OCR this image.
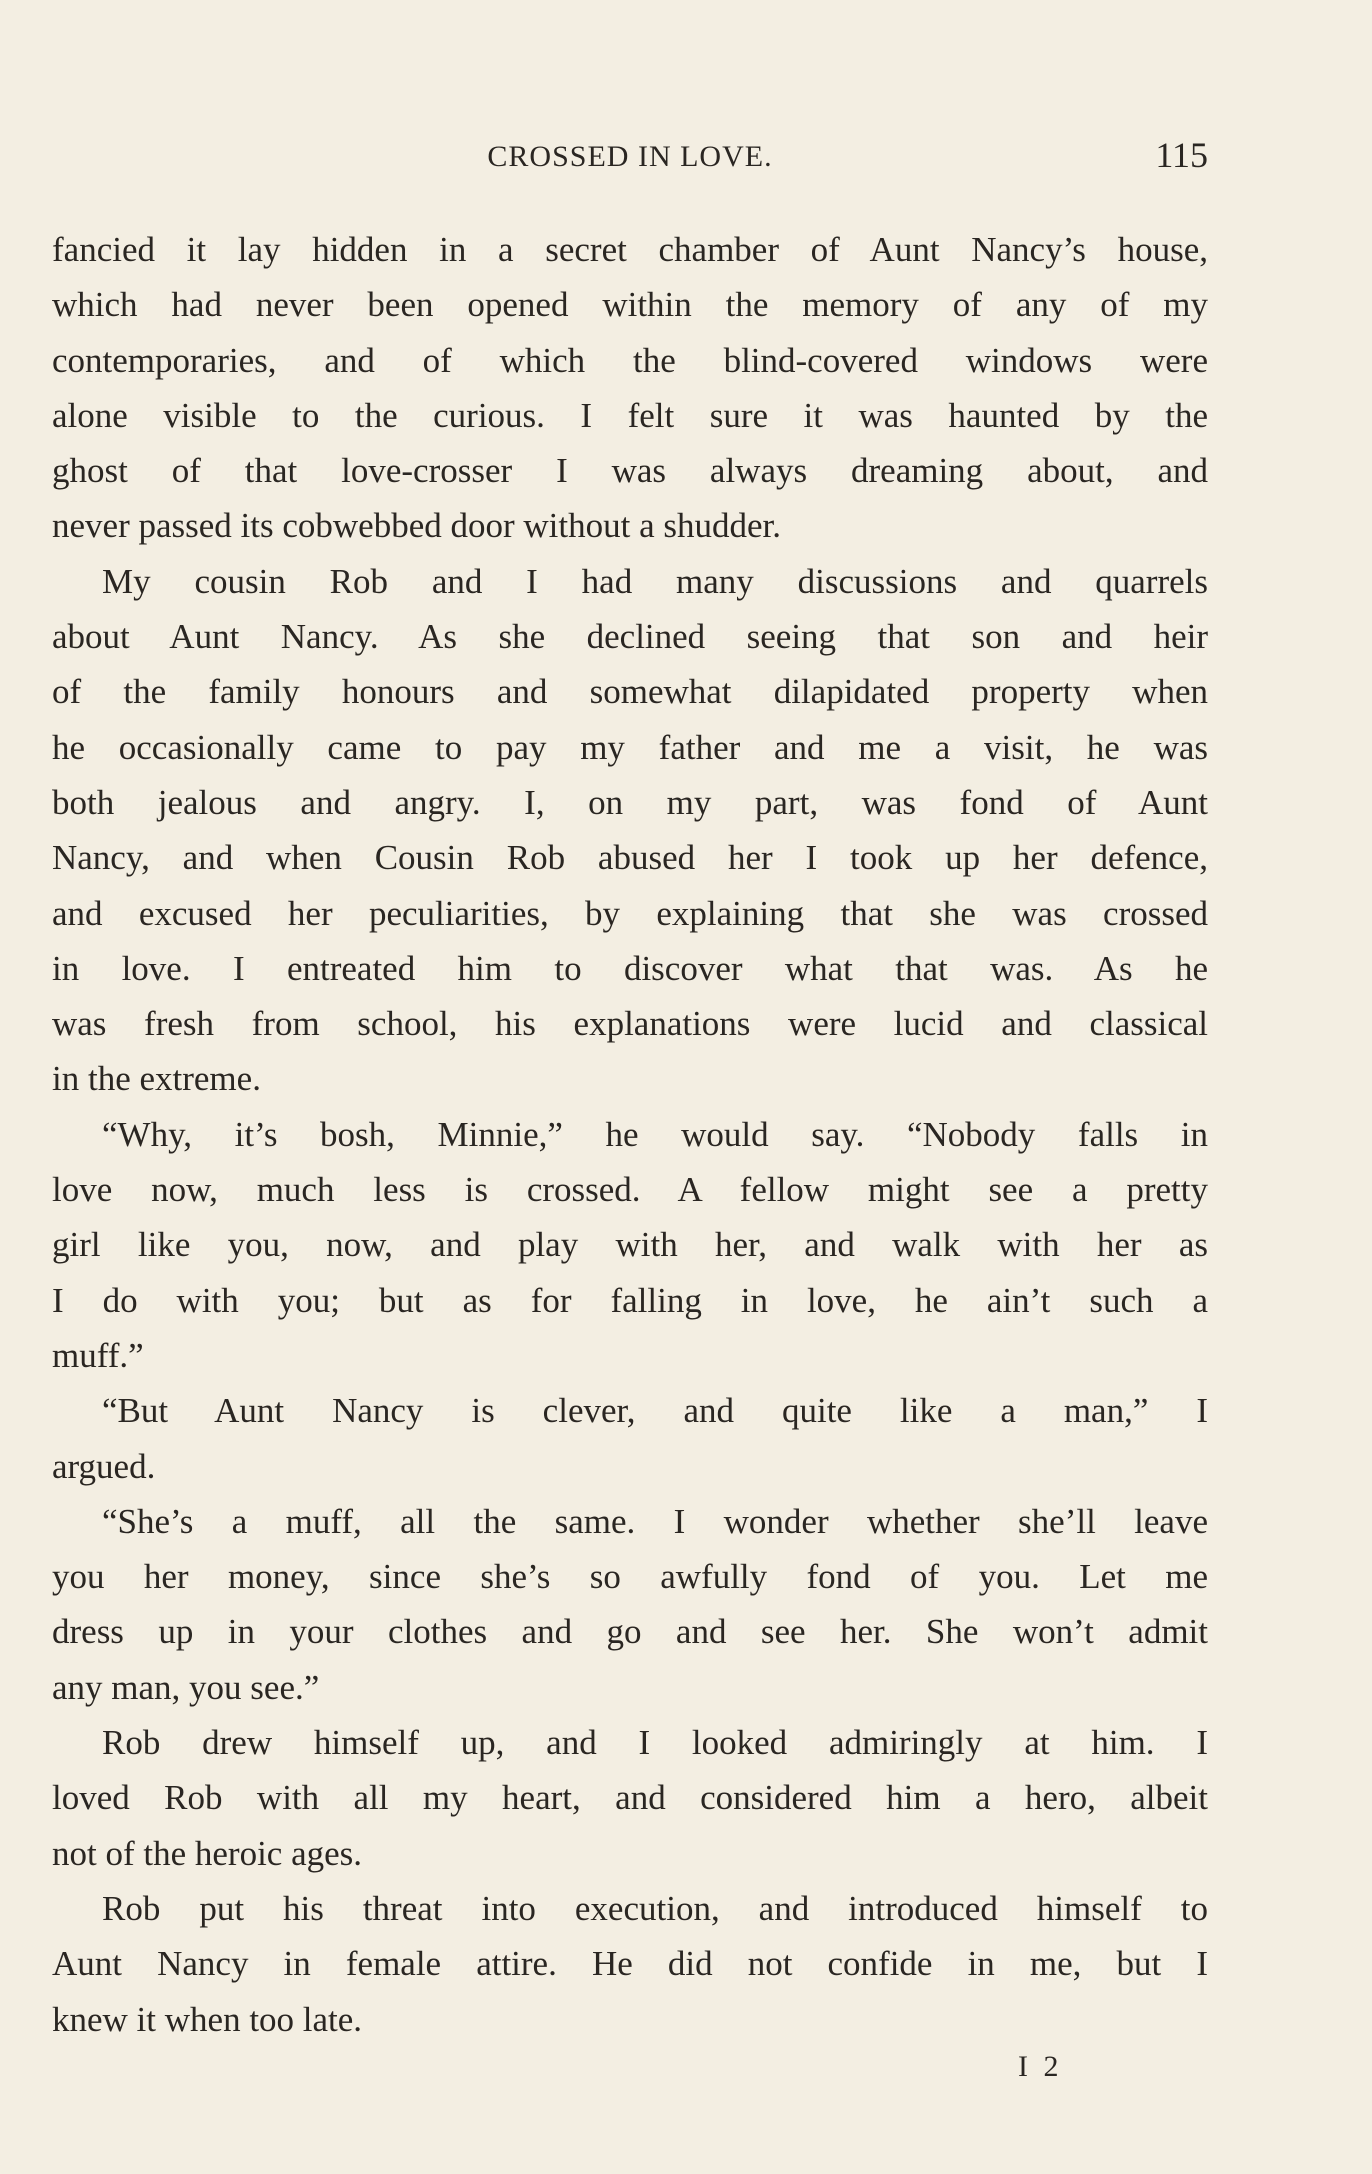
CROSSED IN LOVE.	115
fancied it lay hidden in a secret chamber of Aunt Nancy’s house,
which had never been opened within the memory of any of my
contemporaries, and of which the blind-covered windows were
alone visible to the curious. I felt sure it was haunted by the
ghost of that love-crosser I was always dreaming about, and
never passed its cobwebbed door without a shudder.
My cousin Rob and I had many discussions and quarrels
about Aunt Nancy. As she declined seeing that son and heir
of the family honours and somewhat dilapidated property when
he occasionally came to pay my father and me a visit, he was
both jealous and angry. I, on my part, was fond of Aunt
Nancy, and when Cousin Rob abused her I took up her defence,
and excused her peculiarities, by explaining that she was crossed
in love. I entreated him to discover what that was. As he
was fresh from school, his explanations were lucid and classical
in the extreme.
“Why, it’s bosh, Minnie,” he would say. “Nobody falls in
love now, much less is crossed. A fellow might see a pretty
girl like you, now, and play with her, and walk with her as
I do with you; but as for falling in love, he ain’t such a
muff.”
“But Aunt Nancy is clever, and quite like a man,” I
argued.
“She’s a muff, all the same. I wonder whether she’ll leave
you her money, since she’s so awfully fond of you. Let me
dress up in your clothes and go and see her. She won’t admit
any man, you see.”
Rob drew himself up, and I looked admiringly at him. I
loved Rob with all my heart, and considered him a hero, albeit
not of the heroic ages.
Rob put his threat into execution, and introduced himself to
Aunt Nancy in female attire. He did not confide in me, but I
knew it when too late.
I 2
